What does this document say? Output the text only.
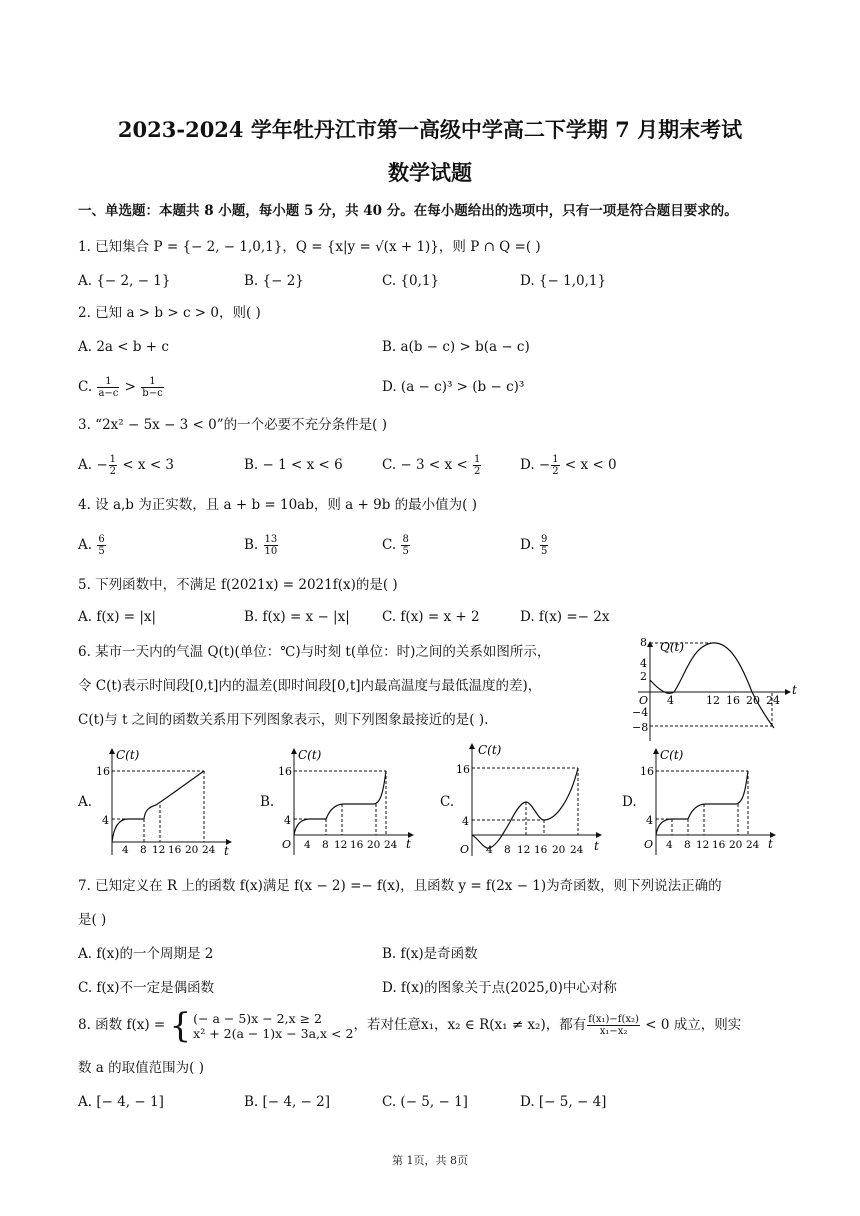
2023-2024 学年牡丹江市第一高级中学高二下学期 7 月期末考试
数学试题
一、单选题：本题共 8 小题，每小题 5 分，共 40 分。在每小题给出的选项中，只有一项是符合题目要求的。
1. 已知集合 P = {− 2, − 1,0,1}，Q = {x|y = √(x + 1)}，则 P ∩ Q =( )
A. {− 2, − 1}	B. {− 2}	C. {0,1}	D. {− 1,0,1}
2. 已知 a > b > c > 0，则( )
A. 2a < b + c	B. a(b − c) > b(a − c)
C. $\frac{1}{a-c} > \frac{1}{b-c}$	D. (a − c)³ > (b − c)³
3. “2x² − 5x − 3 < 0”的一个必要不充分条件是( )
A. − $\frac{1}{2} < x < 3$	B. − 1 < x < 6	C. − $3 < x < \frac{1}{2}$	D. − $\frac{1}{2} < x < 0$
4. 设 a,b 为正实数，且 a + b = 10ab，则 a + 9b 的最小值为( )
A. $\frac{6}{5}$	B. $\frac{13}{10}$	C. $\frac{8}{5}$	D. $\frac{9}{5}$
5. 下列函数中，不满足 f(2021x) = 2021f(x)的是( )
A. f(x) = |x|	B. f(x) = x − |x| C. f(x) = x + 2	D. f(x) =− 2x
6. 某市一天内的气温 Q(t)(单位：℃)与时刻 t(单位：时)之间的关系如图所示，
令 C(t)表示时间段[0,t]内的温差(即时间段[0,t]内最高温度与最低温度的差)，
C(t)与 t 之间的函数关系用下列图象表示，则下列图象最接近的是( ).
Q(t)
t
O
8
4
2
−4
−8
4	12 16 20 24
A.
C(t)
t
16
4
4 8 12 16 20 24
B.
C(t)
t
O
16
4
4 8 12 16 20 24
C.
C(t)
t
O
16
4
4 8 12 16 20 24
D.
C(t)
t
O
16
4
4 8 12 16 20 24
7. 已知定义在 R 上的函数 f(x)满足 f(x − 2) =− f(x)，且函数 y = f(2x − 1)为奇函数，则下列说法正确的
是( )
A. f(x)的一个周期是 2	B. f(x)是奇函数
C. f(x)不一定是偶函数	D. f(x)的图象关于点(2025,0)中心对称
8. 函数 f(x) = { (− a − 5)x − 2,x ≥ 2
x² + 2(a − 1)x − 3a,x < 2 ，若对任意x₁，x₂ ∈ R(x₁ ≠ x₂)，都有 $\frac{\text{f(x₁)−f(x₂)}}{\text{x₁−x₂}} < 0$ 成立，则实
数 a 的取值范围为( )
A. [− 4, − 1]	B. [− 4, − 2]	C. (− 5, − 1]	D. [− 5, − 4]
第 1页，共 8页
